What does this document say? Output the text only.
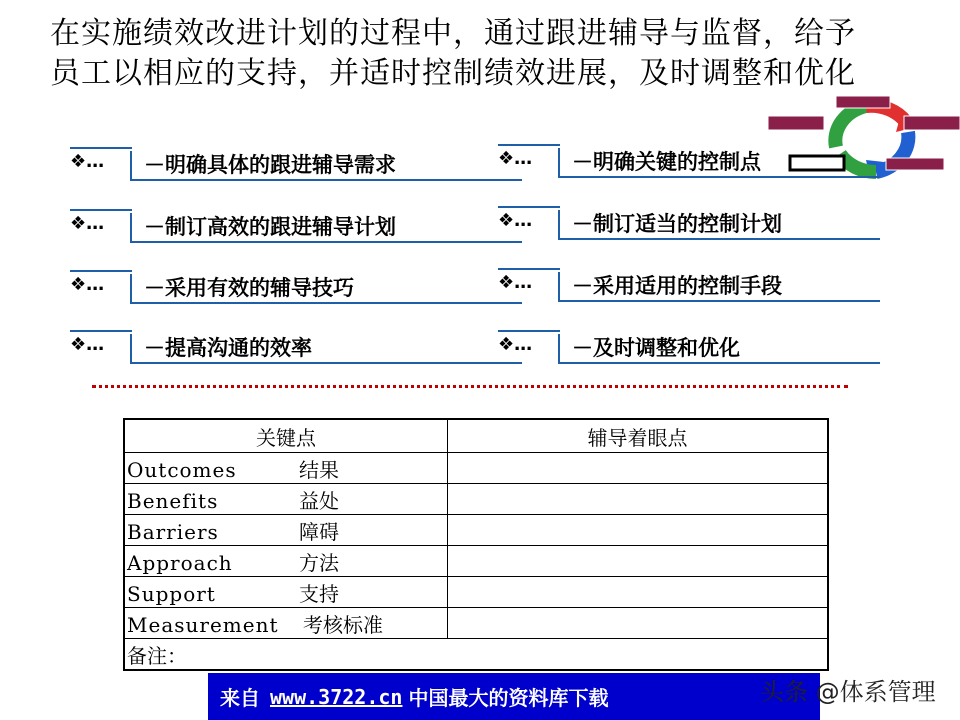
在实施绩效改进计划的过程中，通过跟进辅导与监督，给予
员工以相应的支持，并适时控制绩效进展，及时调整和优化
❖… －明确具体的跟进辅导需求
❖… －制订高效的跟进辅导计划
❖… －采用有效的辅导技巧
❖… －提高沟通的效率
❖… －明确关键的控制点
❖… －制订适当的控制计划
❖… －采用适用的控制手段
❖… －及时调整和优化
关键点	辅导着眼点
Outcomes 结果	
Benefits 益处	
Barriers 障碍	
Approach 方法	
Support 支持	
Measurement 考核标准	
备注：	
来自 www.3722.cn 中国最大的资料库下载	头条 @体系管理
